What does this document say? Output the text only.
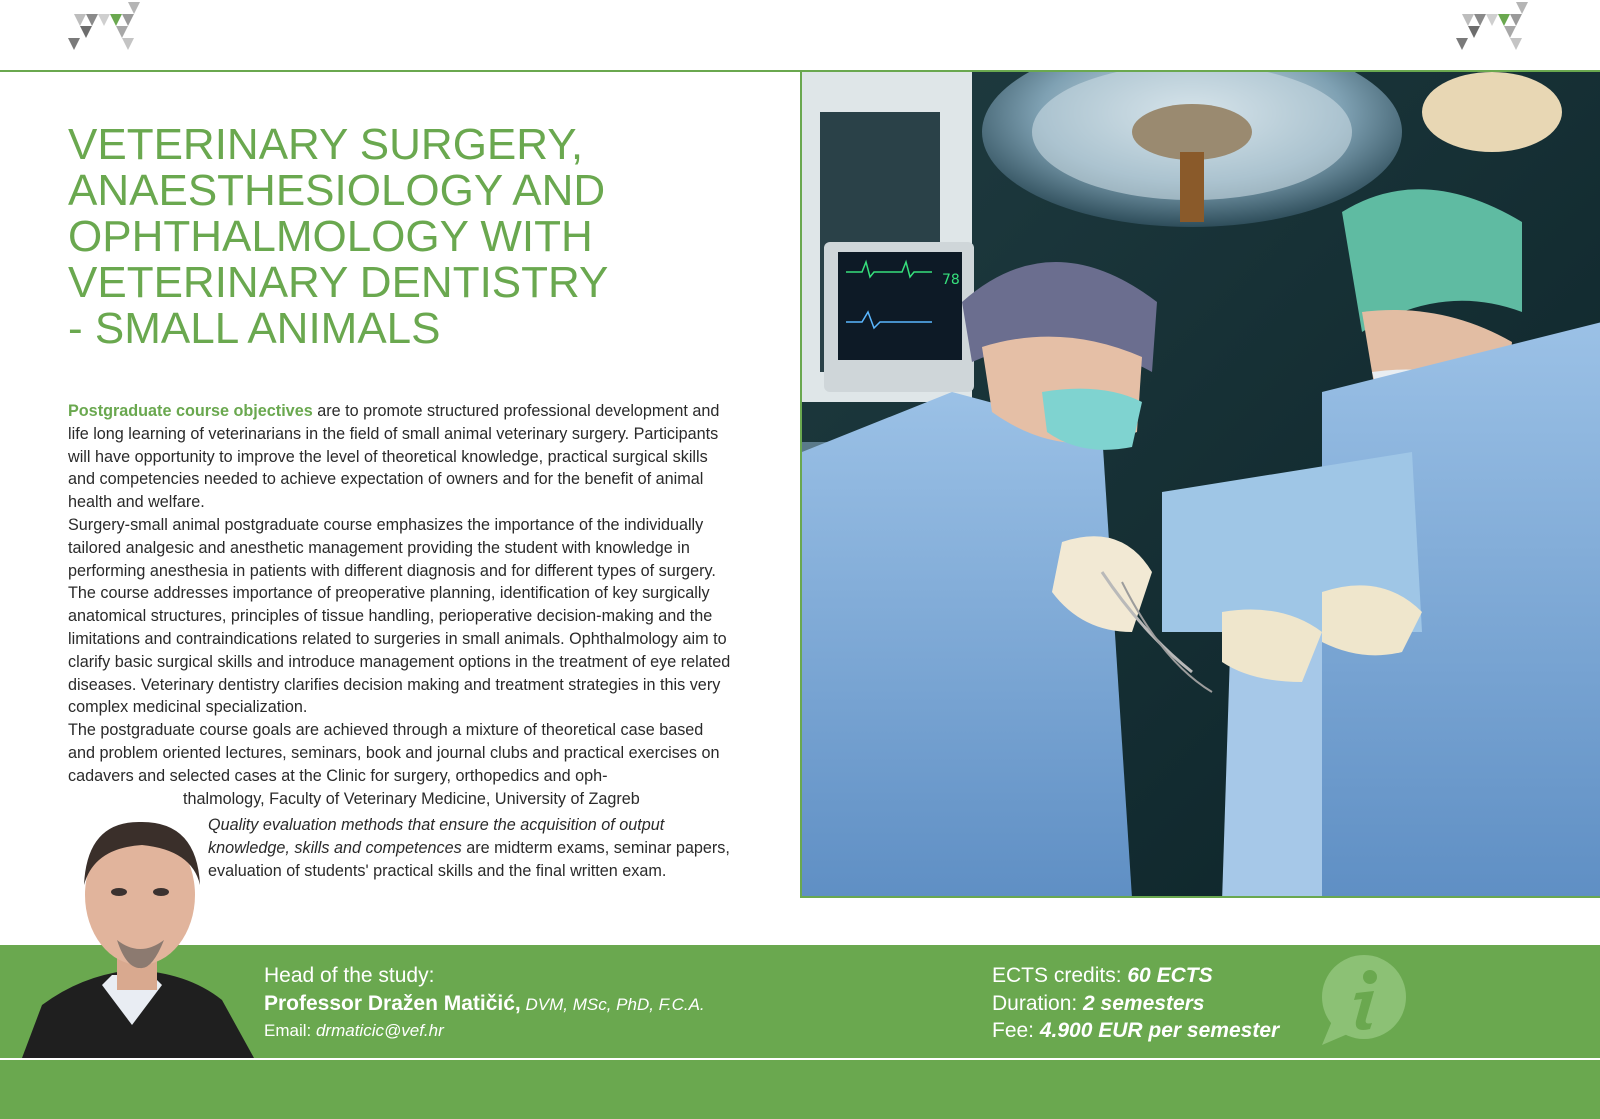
VETERINARY SURGERY,
ANAESTHESIOLOGY AND
OPHTHALMOLOGY WITH
VETERINARY DENTISTRY
- SMALL ANIMALS

Postgraduate course objectives are to promote structured professional development and life long learning of veterinarians in the field of small animal veterinary surgery. Participants will have opportunity to improve the level of theoretical knowledge, practical surgical skills and competencies needed to achieve expectation of owners and for the benefit of animal health and welfare.

Surgery-small animal postgraduate course emphasizes the importance of the individually tailored analgesic and anesthetic management providing the student with knowledge in performing anesthesia in patients with different diagnosis and for different types of surgery. The course addresses importance of preoperative planning, identification of key surgically anatomical structures, principles of tissue handling, perioperative decision-making and the limitations and contraindications related to surgeries in small animals. Ophthalmology aim to clarify basic surgical skills and introduce management options in the treatment of eye related diseases. Veterinary dentistry clarifies decision making and treatment strategies in this very complex medicinal specialization.

The postgraduate course goals are achieved through a mixture of theoretical case based and problem oriented lectures, seminars, book and journal clubs and practical exercises on cadavers and selected cases at the Clinic for surgery, orthopedics and oph-

thalmology, Faculty of Veterinary Medicine, University of Zagreb

Quality evaluation methods that ensure the acquisition of output knowledge, skills and competences are midterm exams, seminar papers, evaluation of students' practical skills and the final written exam.

78
Head of the study:
Professor Dražen Matičić, DVM, MSc, PhD, F.C.A.
Email: drmaticic@vef.hr
ECTS credits: 60 ECTS
Duration: 2 semesters
Fee: 4.900 EUR per semester
